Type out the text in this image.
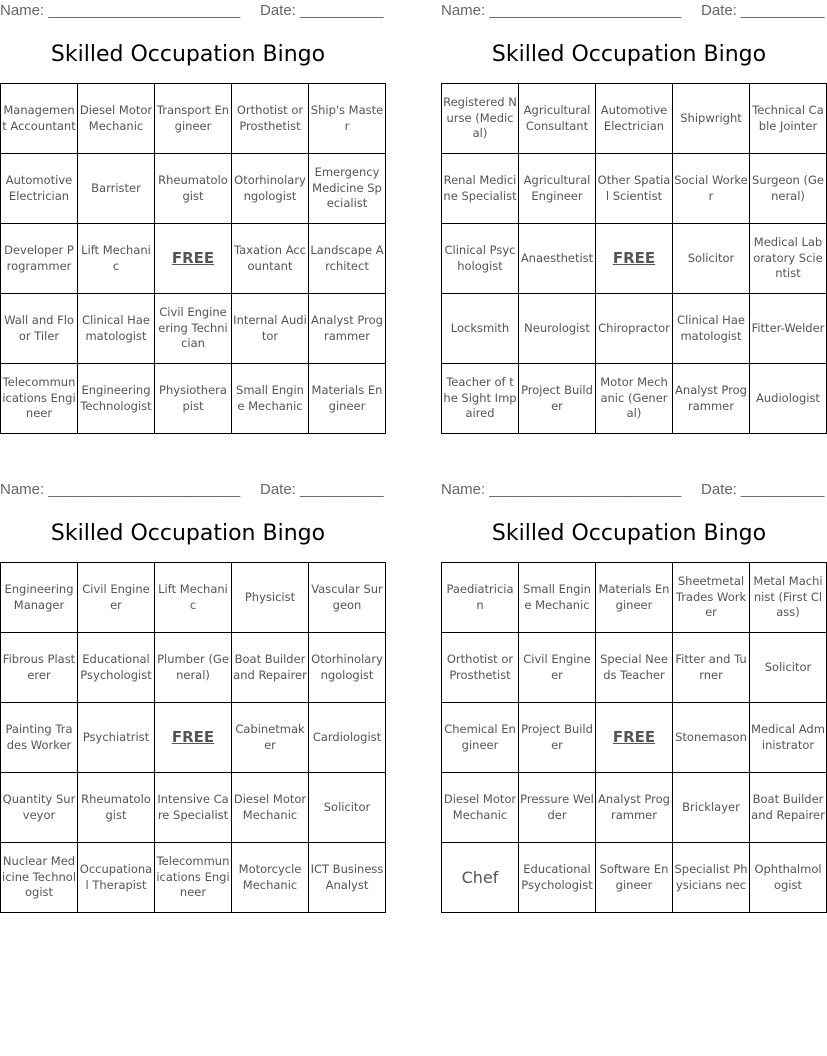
Name: _______________________ Date: __________
Skilled Occupation Bingo
Management Accountant	Diesel Motor Mechanic	Transport Engineer	Orthotist or Prosthetist	Ship's Master
Automotive Electrician	Barrister	Rheumatologist	Otorhinolaryngologist	Emergency Medicine Specialist
Developer Programmer	Lift Mechanic	FREE	Taxation Accountant	Landscape Architect
Wall and Floor Tiler	Clinical Haematologist	Civil Engineering Technician	Internal Auditor	Analyst Programmer
Telecommunications Engineer	Engineering Technologist	Physiotherapist	Small Engine Mechanic	Materials Engineer
Name: _______________________ Date: __________
Skilled Occupation Bingo
Registered Nurse (Medical)	Agricultural Consultant	Automotive Electrician	Shipwright	Technical Cable Jointer
Renal Medicine Specialist	Agricultural Engineer	Other Spatial Scientist	Social Worker	Surgeon (General)
Clinical Psychologist	Anaesthetist	FREE	Solicitor	Medical Laboratory Scientist
Locksmith	Neurologist	Chiropractor	Clinical Haematologist	Fitter-Welder
Teacher of the Sight Impaired	Project Builder	Motor Mechanic (General)	Analyst Programmer	Audiologist
Name: _______________________ Date: __________
Skilled Occupation Bingo
Engineering Manager	Civil Engineer	Lift Mechanic	Physicist	Vascular Surgeon
Fibrous Plasterer	Educational Psychologist	Plumber (General)	Boat Builder and Repairer	Otorhinolaryngologist
Painting Trades Worker	Psychiatrist	FREE	Cabinetmaker	Cardiologist
Quantity Surveyor	Rheumatologist	Intensive Care Specialist	Diesel Motor Mechanic	Solicitor
Nuclear Medicine Technologist	Occupational Therapist	Telecommunications Engineer	Motorcycle Mechanic	ICT Business Analyst
Name: _______________________ Date: __________
Skilled Occupation Bingo
Paediatrician	Small Engine Mechanic	Materials Engineer	Sheetmetal Trades Worker	Metal Machinist (First Class)
Orthotist or Prosthetist	Civil Engineer	Special Needs Teacher	Fitter and Turner	Solicitor
Chemical Engineer	Project Builder	FREE	Stonemason	Medical Administrator
Diesel Motor Mechanic	Pressure Welder	Analyst Programmer	Bricklayer	Boat Builder and Repairer
Chef	Educational Psychologist	Software Engineer	Specialist Physicians nec	Ophthalmologist
